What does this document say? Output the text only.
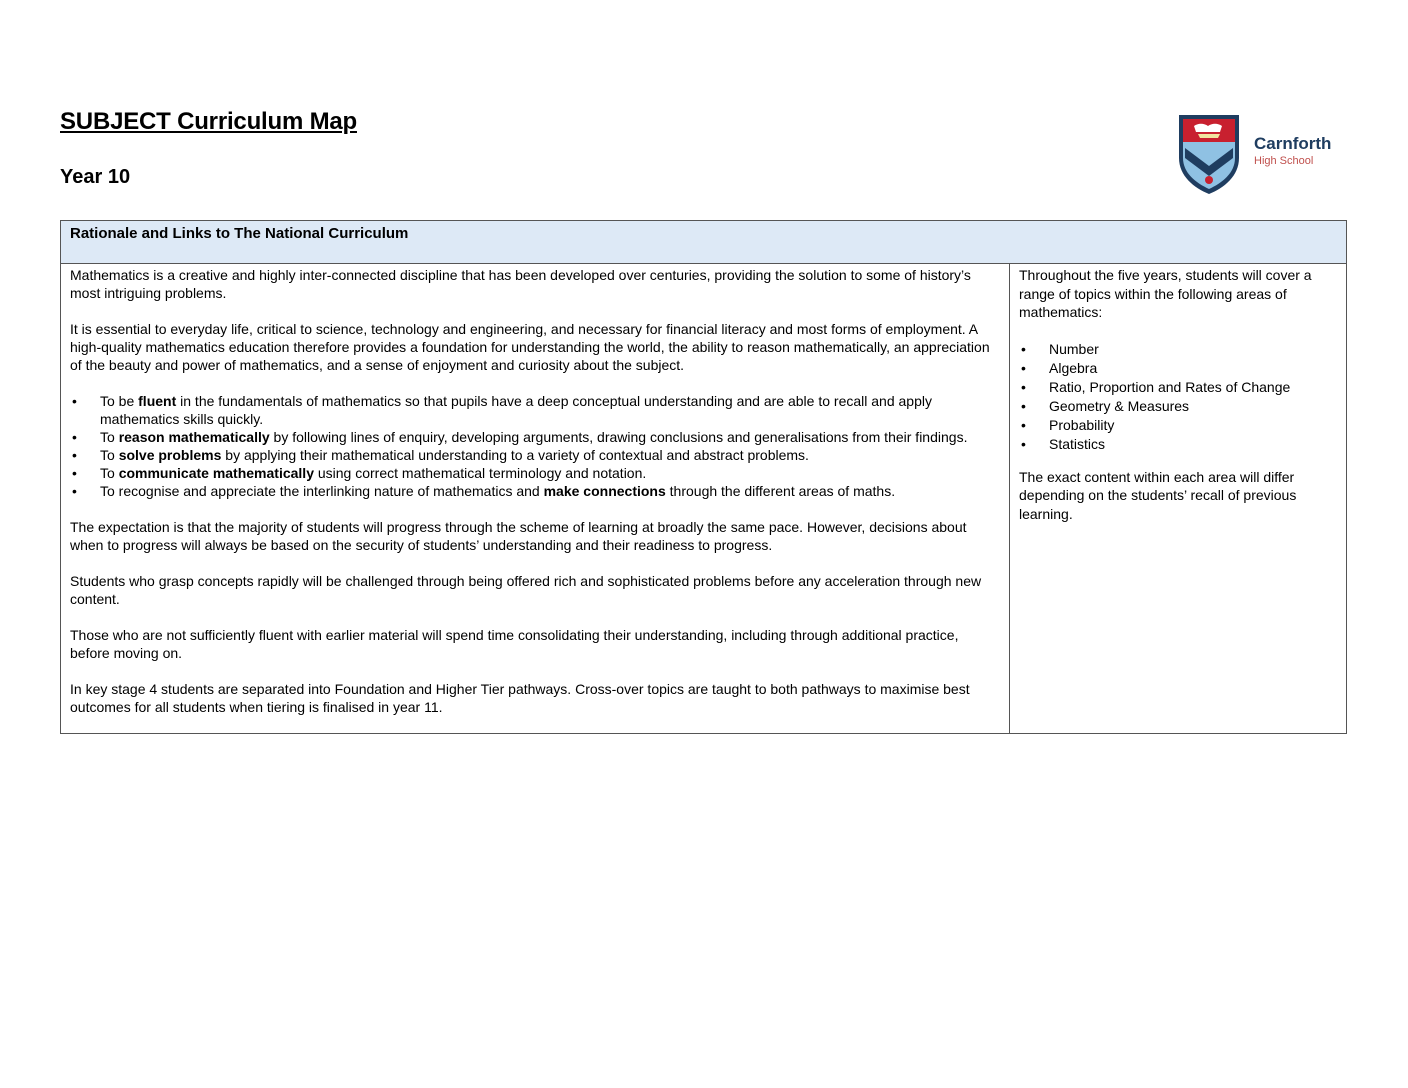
SUBJECT Curriculum Map
Year 10
Carnforth
High School
Rationale and Links to The National Curriculum

Mathematics is a creative and highly inter-connected discipline that has been developed over centuries, providing the solution to some of history’s most intriguing problems.

It is essential to everyday life, critical to science, technology and engineering, and necessary for financial literacy and most forms of employment. A high-quality mathematics education therefore provides a foundation for understanding the world, the ability to reason mathematically, an appreciation of the beauty and power of mathematics, and a sense of enjoyment and curiosity about the subject.

• To be fluent in the fundamentals of mathematics so that pupils have a deep conceptual understanding and are able to recall and apply mathematics skills quickly.
• To reason mathematically by following lines of enquiry, developing arguments, drawing conclusions and generalisations from their findings.
• To solve problems by applying their mathematical understanding to a variety of contextual and abstract problems.
• To communicate mathematically using correct mathematical terminology and notation.
• To recognise and appreciate the interlinking nature of mathematics and make connections through the different areas of maths.

The expectation is that the majority of students will progress through the scheme of learning at broadly the same pace. However, decisions about when to progress will always be based on the security of students’ understanding and their readiness to progress.

Students who grasp concepts rapidly will be challenged through being offered rich and sophisticated problems before any acceleration through new content.

Those who are not sufficiently fluent with earlier material will spend time consolidating their understanding, including through additional practice, before moving on.

In key stage 4 students are separated into Foundation and Higher Tier pathways. Cross-over topics are taught to both pathways to maximise best outcomes for all students when tiering is finalised in year 11.

Throughout the five years, students will cover a range of topics within the following areas of mathematics:

• Number
• Algebra
• Ratio, Proportion and Rates of Change
• Geometry & Measures
• Probability
• Statistics

The exact content within each area will differ depending on the students’ recall of previous learning.
